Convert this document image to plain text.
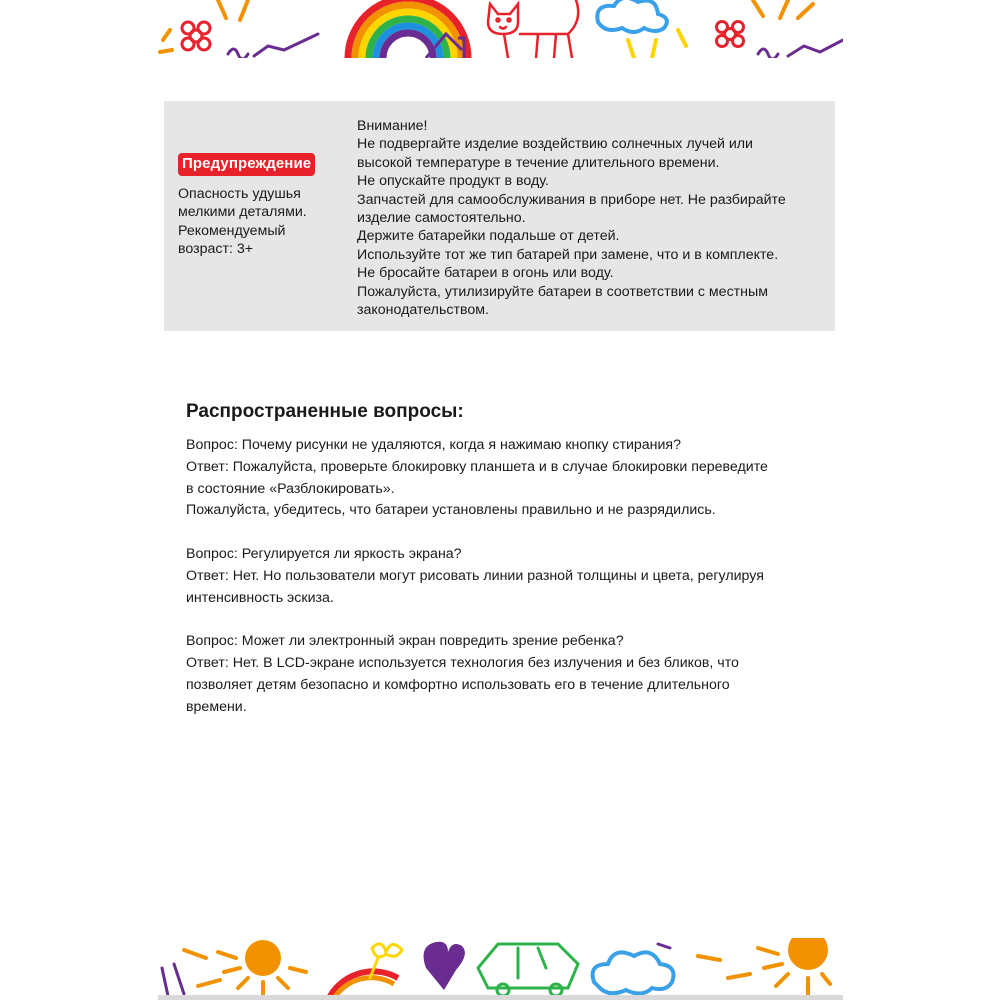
Предупреждение
Опасность удушья
мелкими деталями.
Рекомендуемый
возраст: 3+
Внимание!
Не подвергайте изделие воздействию солнечных лучей или
высокой температуре в течение длительного времени.
Не опускайте продукт в воду.
Запчастей для самообслуживания в приборе нет. Не разбирайте
изделие самостоятельно.
Держите батарейки подальше от детей.
Используйте тот же тип батарей при замене, что и в комплекте.
Не бросайте батареи в огонь или воду.
Пожалуйста, утилизируйте батареи в соответствии с местным
законодательством.
Распространенные вопросы:
Вопрос: Почему рисунки не удаляются, когда я нажимаю кнопку стирания?
Ответ: Пожалуйста, проверьте блокировку планшета и в случае блокировки переведите
в состояние «Разблокировать».
Пожалуйста, убедитесь, что батареи установлены правильно и не разрядились.
Вопрос: Регулируется ли яркость экрана?
Ответ: Нет. Но пользователи могут рисовать линии разной толщины и цвета, регулируя
интенсивность эскиза.
Вопрос: Может ли электронный экран повредить зрение ребенка?
Ответ: Нет. В LCD-экране используется технология без излучения и без бликов, что
позволяет детям безопасно и комфортно использовать его в течение длительного
времени.
